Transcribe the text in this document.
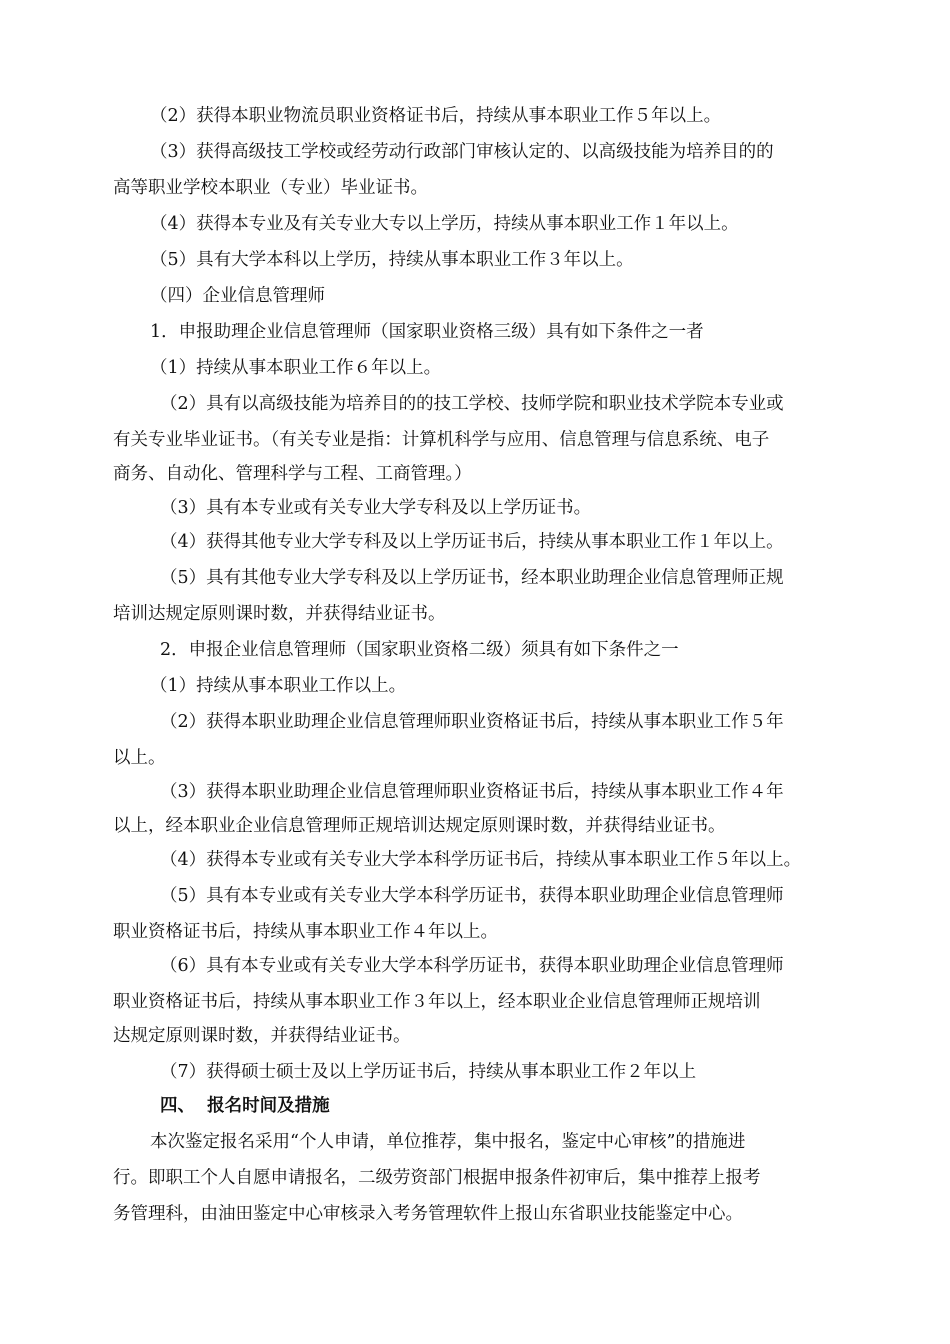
（2）获得本职业物流员职业资格证书后，持续从事本职业工作５年以上。

（3）获得高级技工学校或经劳动行政部门审核认定的、以高级技能为培养目的的

高等职业学校本职业（专业）毕业证书。

（4）获得本专业及有关专业大专以上学历，持续从事本职业工作１年以上。

（5）具有大学本科以上学历，持续从事本职业工作３年以上。

（四）企业信息管理师

1．申报助理企业信息管理师（国家职业资格三级）具有如下条件之一者

（1）持续从事本职业工作６年以上。

（2）具有以高级技能为培养目的的技工学校、技师学院和职业技术学院本专业或

有关专业毕业证书。（有关专业是指：计算机科学与应用、信息管理与信息系统、电子

商务、自动化、管理科学与工程、工商管理。）

（3）具有本专业或有关专业大学专科及以上学历证书。

（4）获得其他专业大学专科及以上学历证书后，持续从事本职业工作１年以上。

（5）具有其他专业大学专科及以上学历证书，经本职业助理企业信息管理师正规

培训达规定原则课时数，并获得结业证书。

2．申报企业信息管理师（国家职业资格二级）须具有如下条件之一

（1）持续从事本职业工作以上。

（2）获得本职业助理企业信息管理师职业资格证书后，持续从事本职业工作５年

以上。

（3）获得本职业助理企业信息管理师职业资格证书后，持续从事本职业工作４年

以上，经本职业企业信息管理师正规培训达规定原则课时数，并获得结业证书。

（4）获得本专业或有关专业大学本科学历证书后，持续从事本职业工作５年以上。

（5）具有本专业或有关专业大学本科学历证书，获得本职业助理企业信息管理师

职业资格证书后，持续从事本职业工作４年以上。

（6）具有本专业或有关专业大学本科学历证书，获得本职业助理企业信息管理师

职业资格证书后，持续从事本职业工作３年以上，经本职业企业信息管理师正规培训

达规定原则课时数，并获得结业证书。

（7）获得硕士硕士及以上学历证书后，持续从事本职业工作２年以上

四、  报名时间及措施

本次鉴定报名采用“个人申请，单位推荐，集中报名，鉴定中心审核”的措施进

行。即职工个人自愿申请报名，二级劳资部门根据申报条件初审后，集中推荐上报考

务管理科，由油田鉴定中心审核录入考务管理软件上报山东省职业技能鉴定中心。
